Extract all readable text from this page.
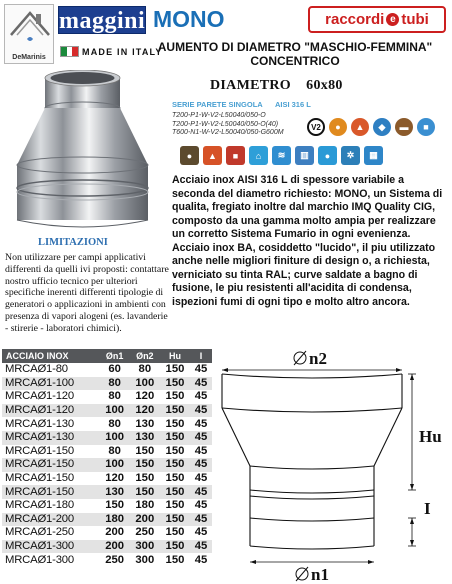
DeMarinis
maggini MONO
MADE IN ITALY
raccordi e tubi
AUMENTO DI DIAMETRO "MASCHIO-FEMMINA"
CONCENTRICO
DIAMETRO 60x80
SERIE PARETE SINGOLA AISI 316 L
T200-P1-W-V2-L50040/050-O
T200-P1-W-V2-L50040/050-O(40)
T600-N1-W-V2-L50040/050-G600M
V2	●	▲	◆	▬	■
●	▲	■	⌂	≋	▥	●	✲	▦
Acciaio inox AISI 316 L di spessore variabile a seconda del diametro richiesto: MONO, un Sistema di qualita, fregiato inoltre dal marchio IMQ Quality CIG, composto da una gamma molto ampia per realizzare un corretto Sistema Fumario in ogni evenienza. Acciaio inox BA, cosiddetto "lucido", il piu utilizzato anche nelle migliori finiture di design o, a richiesta, verniciato su tinta RAL; curve saldate a bagno di fusione, le piu resistenti all'acidita di condensa, ispezioni fumi di ogni tipo e molto altro ancora.
LIMITAZIONI
Non utilizzare per campi applicativi differenti da quelli ivi proposti: contattare nostro ufficio tecnico per ulteriori specifiche inerenti differenti tipologie di generatori o applicazioni in ambienti con presenza di vapori alogeni (es. lavanderie - stirerie - laboratori chimici).
ACCIAIO INOX	Øn1	Øn2	Hu	I
MRCAØ1-80	60	80	150	45
MRCAØ1-100	80	100	150	45
MRCAØ1-120	80	120	150	45
MRCAØ1-120	100	120	150	45
MRCAØ1-130	80	130	150	45
MRCAØ1-130	100	130	150	45
MRCAØ1-150	80	150	150	45
MRCAØ1-150	100	150	150	45
MRCAØ1-150	120	150	150	45
MRCAØ1-150	130	150	150	45
MRCAØ1-180	150	180	150	45
MRCAØ1-200	180	200	150	45
MRCAØ1-250	200	250	150	45
MRCAØ1-300	200	300	150	45
MRCAØ1-300	250	300	150	45
n2
Hu
I
n1
